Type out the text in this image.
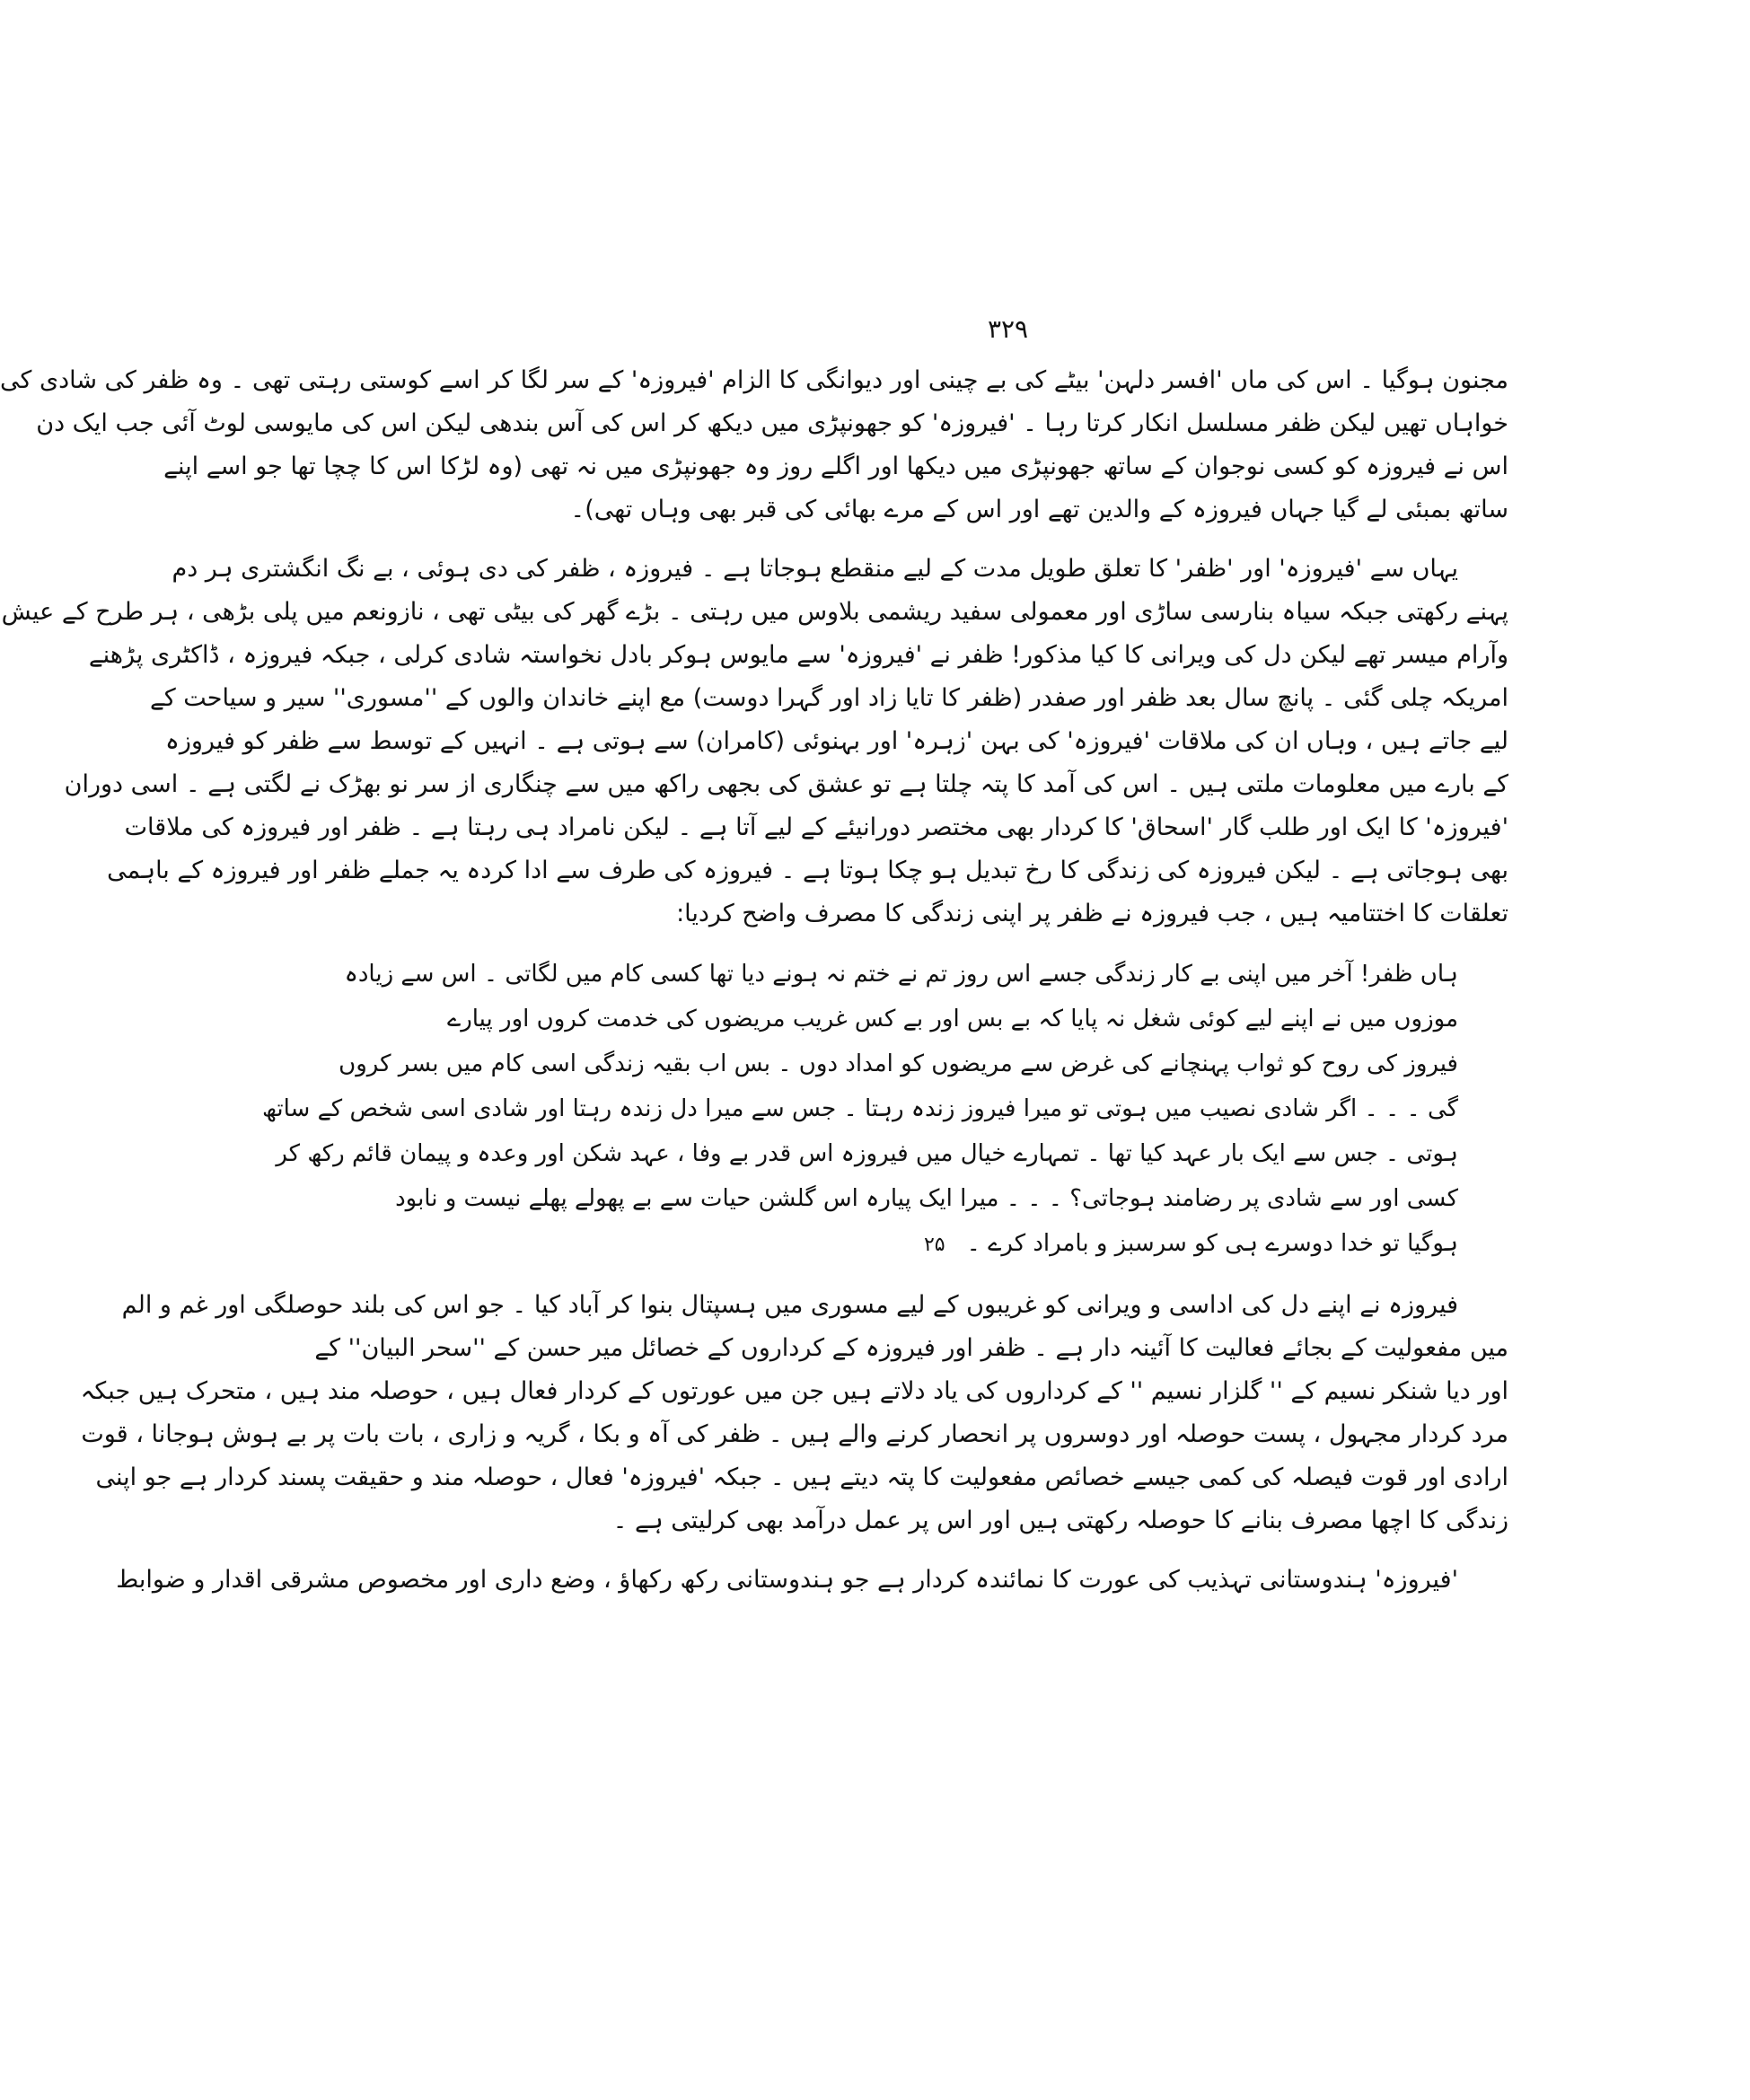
۳۲۹
مجنون ہوگیا ۔ اس کی ماں 'افسر دلہن' بیٹے کی بے چینی اور دیوانگی کا الزام 'فیروزہ' کے سر لگا کر اسے کوستی رہتی تھی ۔ وہ ظفر کی شادی کی
خواہاں تھیں لیکن ظفر مسلسل انکار کرتا رہا ۔ 'فیروزہ' کو جھونپڑی میں دیکھ کر اس کی آس بندھی لیکن اس کی مایوسی لوٹ آئی جب ایک دن
اس نے فیروزہ کو کسی نوجوان کے ساتھ جھونپڑی میں دیکھا اور اگلے روز وہ جھونپڑی میں نہ تھی (وہ لڑکا اس کا چچا تھا جو اسے اپنے
ساتھ بمبئی لے گیا جہاں فیروزہ کے والدین تھے اور اس کے مرے بھائی کی قبر بھی وہاں تھی)۔
یہاں سے 'فیروزہ' اور 'ظفر' کا تعلق طویل مدت کے لیے منقطع ہوجاتا ہے ۔ فیروزہ ، ظفر کی دی ہوئی ، بے نگ انگشتری ہر دم
پہنے رکھتی جبکہ سیاہ بنارسی ساڑی اور معمولی سفید ریشمی بلاوس میں رہتی ۔ بڑے گھر کی بیٹی تھی ، نازونعم میں پلی بڑھی ، ہر طرح کے عیش
وآرام میسر تھے لیکن دل کی ویرانی کا کیا مذکور! ظفر نے 'فیروزہ' سے مایوس ہوکر بادل نخواستہ شادی کرلی ، جبکہ فیروزہ ، ڈاکٹری پڑھنے
امریکہ چلی گئی ۔ پانچ سال بعد ظفر اور صفدر (ظفر کا تایا زاد اور گہرا دوست) مع اپنے خاندان والوں کے ''مسوری'' سیر و سیاحت کے
لیے جاتے ہیں ، وہاں ان کی ملاقات 'فیروزہ' کی بہن 'زہرہ' اور بہنوئی (کامران) سے ہوتی ہے ۔ انہیں کے توسط سے ظفر کو فیروزہ
کے بارے میں معلومات ملتی ہیں ۔ اس کی آمد کا پتہ چلتا ہے تو عشق کی بجھی راکھ میں سے چنگاری از سر نو بھڑک نے لگتی ہے ۔ اسی دوران
'فیروزہ' کا ایک اور طلب گار 'اسحاق' کا کردار بھی مختصر دورانیئے کے لیے آتا ہے ۔ لیکن نامراد ہی رہتا ہے ۔ ظفر اور فیروزہ کی ملاقات
بھی ہوجاتی ہے ۔ لیکن فیروزہ کی زندگی کا رخ تبدیل ہو چکا ہوتا ہے ۔ فیروزہ کی طرف سے ادا کردہ یہ جملے ظفر اور فیروزہ کے باہمی
تعلقات کا اختتامیہ ہیں ، جب فیروزہ نے ظفر پر اپنی زندگی کا مصرف واضح کردیا:
ہاں ظفر! آخر میں اپنی بے کار زندگی جسے اس روز تم نے ختم نہ ہونے دیا تھا کسی کام میں لگاتی ۔ اس سے زیادہ
موزوں میں نے اپنے لیے کوئی شغل نہ پایا کہ بے بس اور بے کس غریب مریضوں کی خدمت کروں اور پیارے
فیروز کی روح کو ثواب پہنچانے کی غرض سے مریضوں کو امداد دوں ۔ بس اب بقیہ زندگی اسی کام میں بسر کروں
گی ۔ ۔ ۔ اگر شادی نصیب میں ہوتی تو میرا فیروز زندہ رہتا ۔ جس سے میرا دل زندہ رہتا اور شادی اسی شخص کے ساتھ
ہوتی ۔ جس سے ایک بار عہد کیا تھا ۔ تمہارے خیال میں فیروزہ اس قدر بے وفا ، عہد شکن اور وعدہ و پیمان قائم رکھ کر
کسی اور سے شادی پر رضامند ہوجاتی؟ ۔ ۔ ۔ میرا ایک پیارہ اس گلشن حیات سے بے پھولے پھلے نیست و نابود
ہوگیا تو خدا دوسرے ہی کو سرسبز و بامراد کرے ۔۲۵
فیروزہ نے اپنے دل کی اداسی و ویرانی کو غریبوں کے لیے مسوری میں ہسپتال بنوا کر آباد کیا ۔ جو اس کی بلند حوصلگی اور غم و الم
میں مفعولیت کے بجائے فعالیت کا آئینہ دار ہے ۔ ظفر اور فیروزہ کے کرداروں کے خصائل میر حسن کے ''سحر البیان'' کے
اور دیا شنکر نسیم کے '' گلزار نسیم '' کے کرداروں کی یاد دلاتے ہیں جن میں عورتوں کے کردار فعال ہیں ، حوصلہ مند ہیں ، متحرک ہیں جبکہ
مرد کردار مجہول ، پست حوصلہ اور دوسروں پر انحصار کرنے والے ہیں ۔ ظفر کی آہ و بکا ، گریہ و زاری ، بات بات پر بے ہوش ہوجانا ، قوت
ارادی اور قوت فیصلہ کی کمی جیسے خصائص مفعولیت کا پتہ دیتے ہیں ۔ جبکہ 'فیروزہ' فعال ، حوصلہ مند و حقیقت پسند کردار ہے جو اپنی
زندگی کا اچھا مصرف بنانے کا حوصلہ رکھتی ہیں اور اس پر عمل درآمد بھی کرلیتی ہے ۔
'فیروزہ' ہندوستانی تہذیب کی عورت کا نمائندہ کردار ہے جو ہندوستانی رکھ رکھاؤ ، وضع داری اور مخصوص مشرقی اقدار و ضوابط
